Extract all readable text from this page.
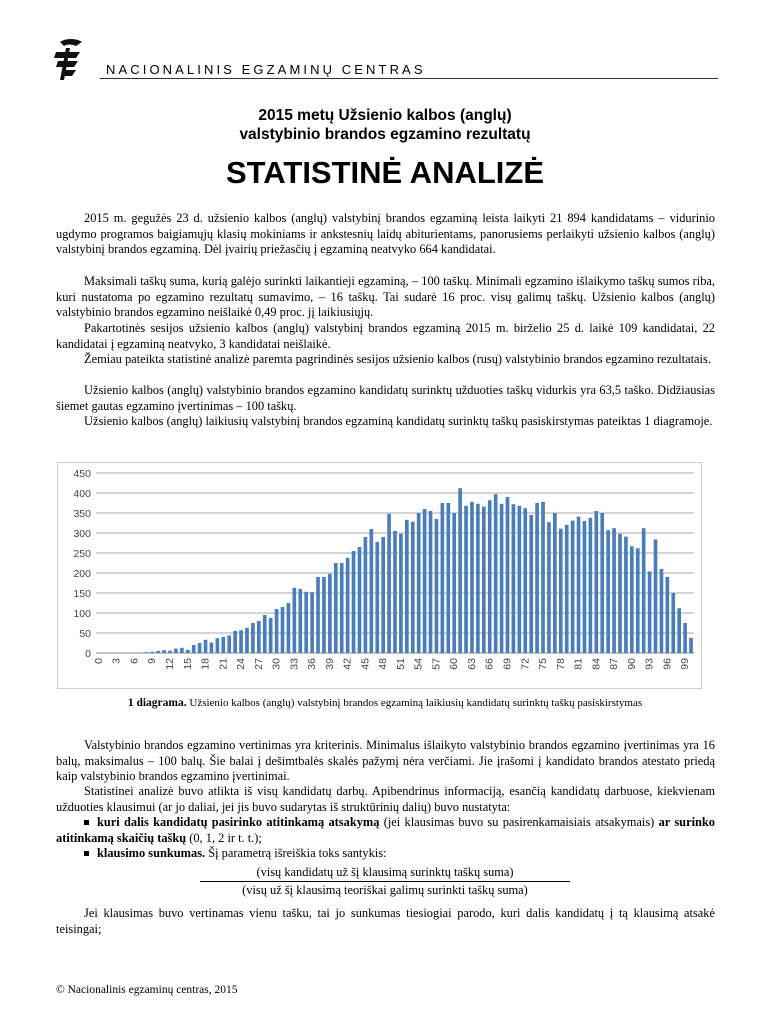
NACIONALINIS EGZAMINŲ CENTRAS
2015 metų Užsienio kalbos (anglų)
valstybinio brandos egzamino rezultatų
STATISTINĖ ANALIZĖ

2015 m. gegužės 23 d. užsienio kalbos (anglų) valstybinį brandos egzaminą leista laikyti 21 894 kandidatams – vidurinio ugdymo programos baigiamųjų klasių mokiniams ir ankstesnių laidų abiturientams, panorusiems perlaikyti užsienio kalbos (anglų) valstybinį brandos egzaminą. Dėl įvairių priežasčių į egzaminą neatvyko 664 kandidatai.

Maksimali taškų suma, kurią galėjo surinkti laikantieji egzaminą, – 100 taškų. Minimali egzamino išlaikymo taškų sumos riba, kuri nustatoma po egzamino rezultatų sumavimo, – 16 taškų. Tai sudarė 16 proc. visų galimų taškų. Užsienio kalbos (anglų) valstybinio brandos egzamino neišlaikė 0,49 proc. jį laikiusiųjų.

Pakartotinės sesijos užsienio kalbos (anglų) valstybinį brandos egzaminą 2015 m. birželio 25 d. laikė 109 kandidatai, 22 kandidatai į egzaminą neatvyko, 3 kandidatai neišlaikė.

Žemiau pateikta statistinė analizė paremta pagrindinės sesijos užsienio kalbos (rusų) valstybinio brandos egzamino rezultatais.

Užsienio kalbos (anglų) valstybinio brandos egzamino kandidatų surinktų užduoties taškų vidurkis yra 63,5 taško. Didžiausias šiemet gautas egzamino įvertinimas – 100 taškų.

Užsienio kalbos (anglų) laikiusių valstybinį brandos egzaminą kandidatų surinktų taškų pasiskirstymas pateiktas 1 diagramoje.

0
50
100
150
200
250
300
350
400
450
0 3 6 9 12 15 18 21 24 27 30 33 36 39 42 45 48 51 54 57 60 63 66 69 72 75 78 81 84 87 90 93 96 99
1 diagrama. Užsienio kalbos (anglų) valstybinį brandos egzaminą laikiusių kandidatų surinktų taškų pasiskirstymas

Valstybinio brandos egzamino vertinimas yra kriterinis. Minimalus išlaikyto valstybinio brandos egzamino įvertinimas yra 16 balų, maksimalus – 100 balų. Šie balai į dešimtbalės skalės pažymį nėra verčiami. Jie įrašomi į kandidato brandos atestato priedą kaip valstybinio brandos egzamino įvertinimai.

Statistinei analizė buvo atlikta iš visų kandidatų darbų. Apibendrinus informaciją, esančią kandidatų darbuose, kiekvienam užduoties klausimui (ar jo daliai, jei jis buvo sudarytas iš struktūrinių dalių) buvo nustatyta:

kuri dalis kandidatų pasirinko atitinkamą atsakymą (jei klausimas buvo su pasirenkamaisiais atsakymais) ar surinko atitinkamą skaičių taškų (0, 1, 2 ir t. t.);

klausimo sunkumas. Šį parametrą išreiškia toks santykis:

(visų kandidatų už šį klausimą surinktų taškų suma)
(visų už šį klausimą teoriškai galimų surinkti taškų suma)

Jei klausimas buvo vertinamas vienu tašku, tai jo sunkumas tiesiogiai parodo, kuri dalis kandidatų į tą klausimą atsakė teisingai;

© Nacionalinis egzaminų centras, 2015
